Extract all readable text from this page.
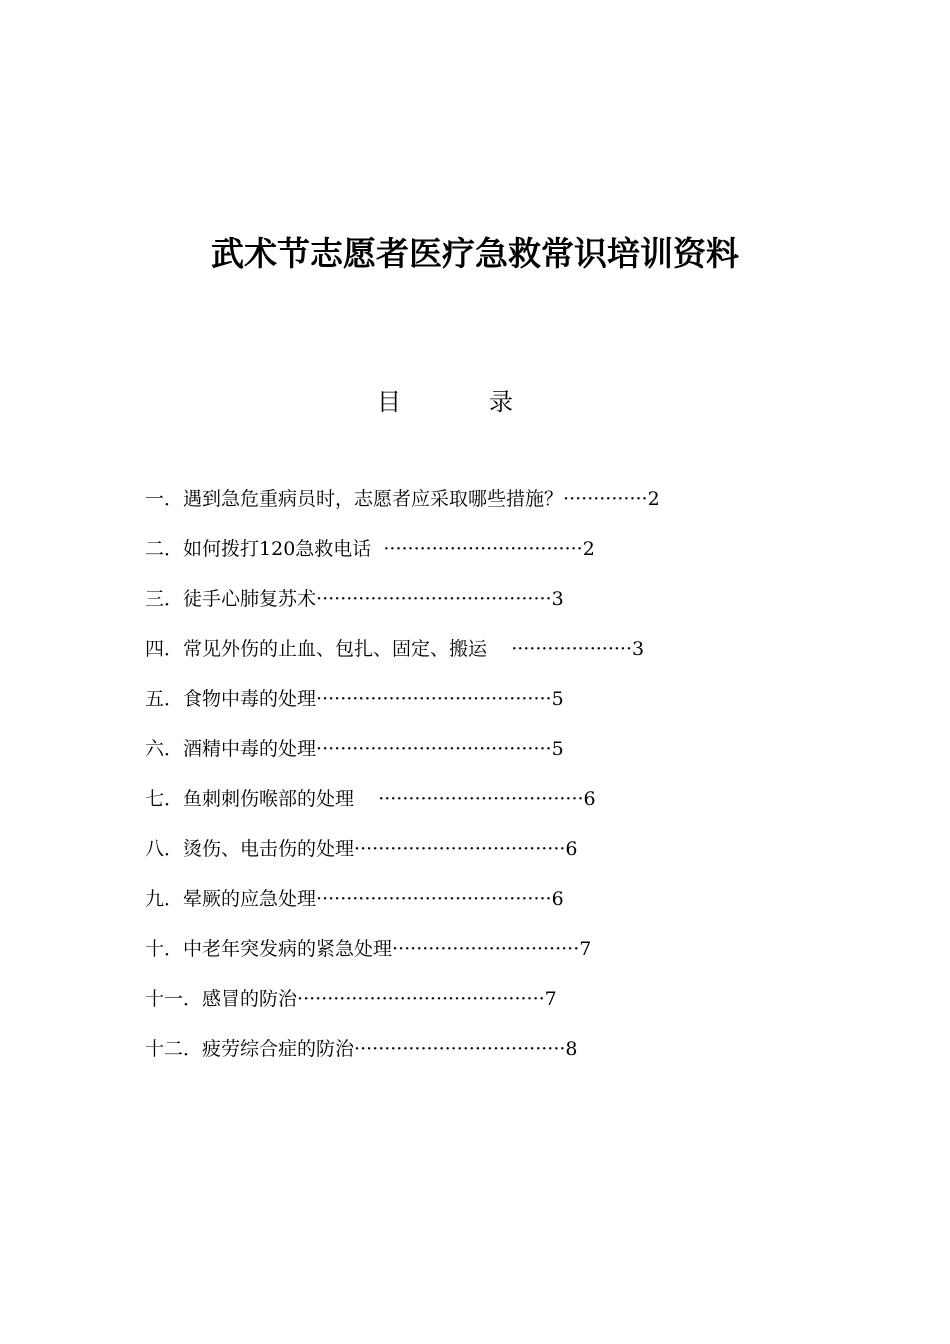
武术节志愿者医疗急救常识培训资料
目	录
一．遇到急危重病员时，志愿者应采取哪些措施？··············2
二．如何拨打120急救电话  ·································2
三．徒手心肺复苏术·······································3
四．常见外伤的止血、包扎、固定、搬运    ····················3
五．食物中毒的处理·······································5
六．酒精中毒的处理·······································5
七．鱼刺刺伤喉部的处理    ··································6
八．烫伤、电击伤的处理···································6
九．晕厥的应急处理·······································6
十．中老年突发病的紧急处理·······························7
十一．感冒的防治·········································7
十二．疲劳综合症的防治···································8
